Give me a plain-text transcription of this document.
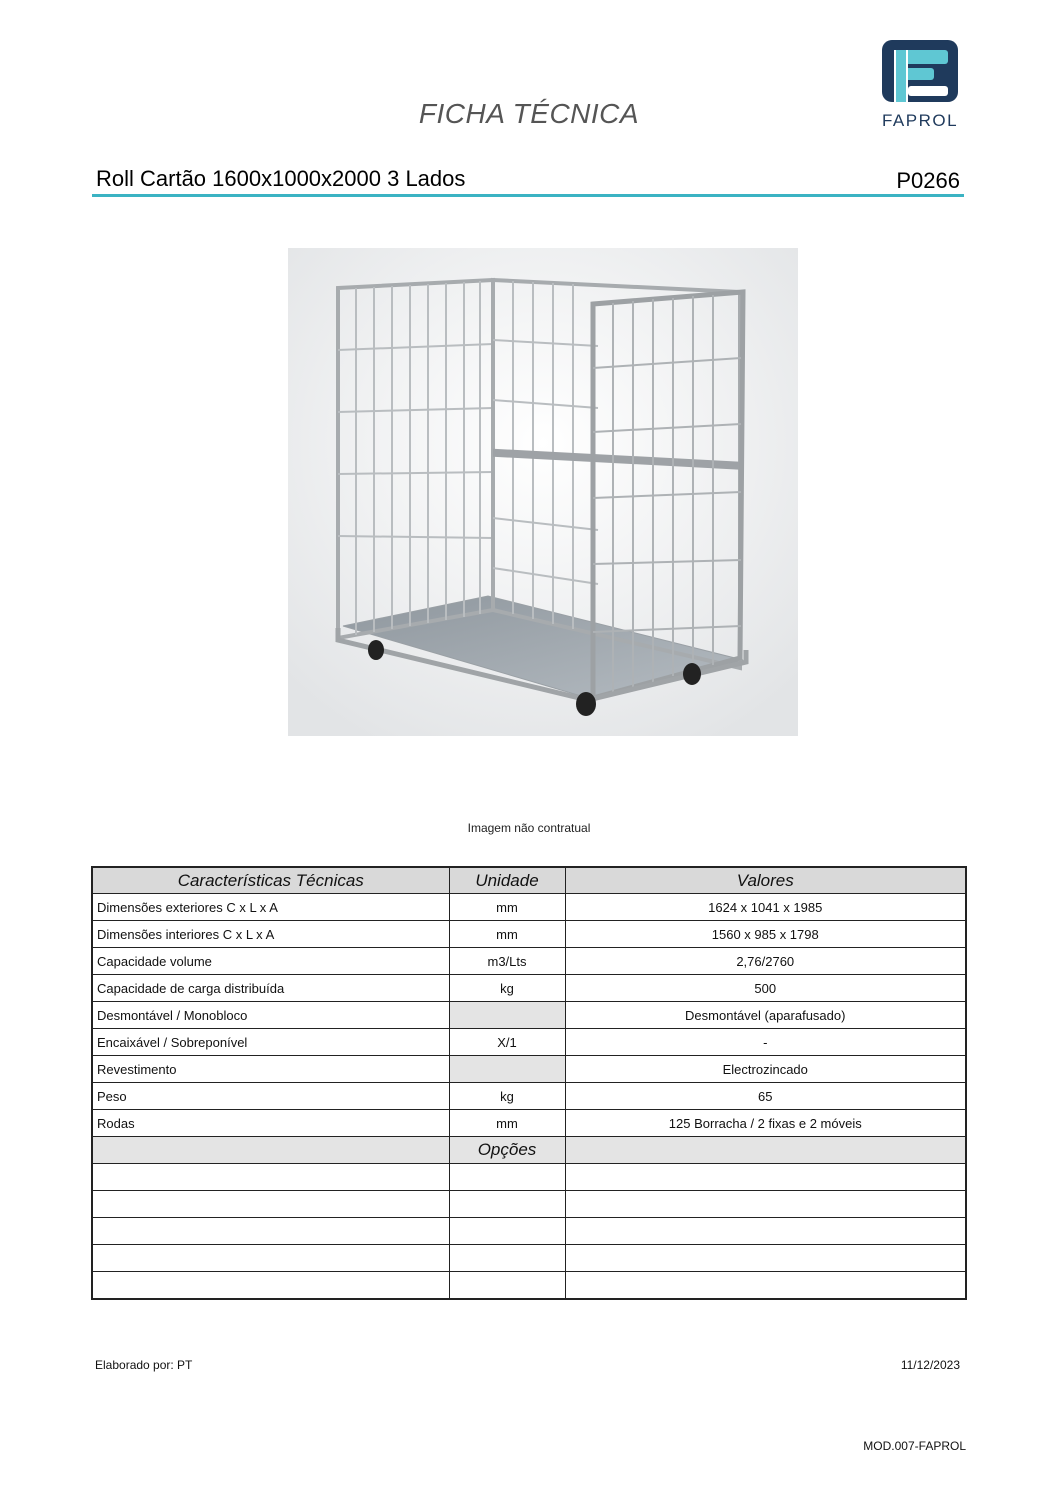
FICHA TÉCNICA	FAPROL
Roll Cartão 1600x1000x2000 3 Lados	P0266
Imagem não contratual
Características Técnicas	Unidade	Valores
Dimensões exteriores C x L x A	mm	1624 x 1041 x 1985
Dimensões interiores C x L x A	mm	1560 x 985 x 1798
Capacidade volume	m3/Lts	2,76/2760
Capacidade de carga distribuída	kg	500
Desmontável / Monobloco		Desmontável (aparafusado)
Encaixável / Sobreponível	X/1	-
Revestimento		Electrozincado
Peso	kg	65
Rodas	mm	125 Borracha / 2 fixas e 2 móveis
	Opções	

Elaborado por: PT	11/12/2023
MOD.007-FAPROL
